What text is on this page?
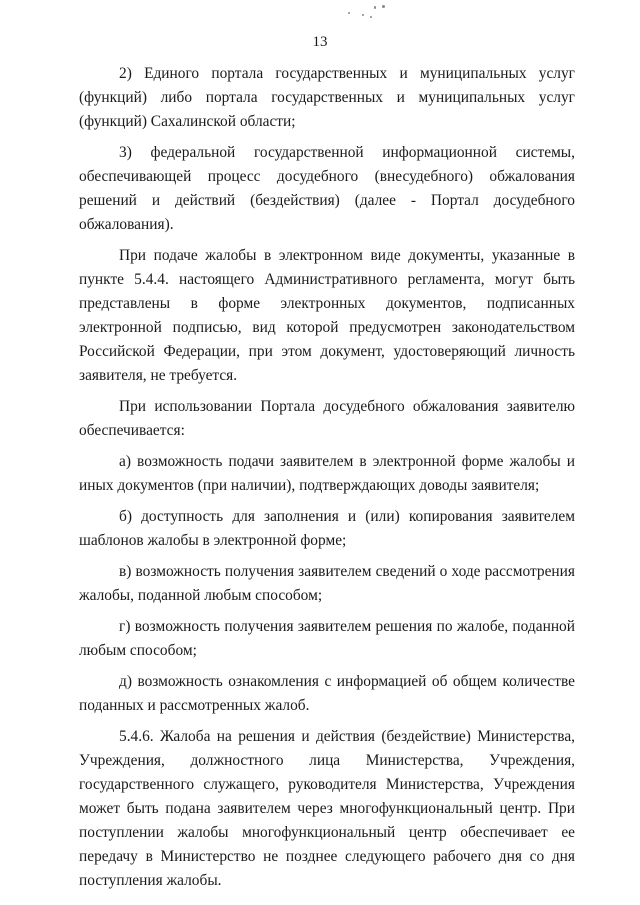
13

2) Единого портала государственных и муниципальных услуг (функций) либо портала государственных и муниципальных услуг (функций) Сахалинской области;

3) федеральной государственной информационной системы, обеспечивающей процесс досудебного (внесудебного) обжалования решений и действий (бездействия) (далее - Портал досудебного обжалования).

При подаче жалобы в электронном виде документы, указанные в пункте 5.4.4. настоящего Административного регламента, могут быть представлены в форме электронных документов, подписанных электронной подписью, вид которой предусмотрен законодательством Российской Федерации, при этом документ, удостоверяющий личность заявителя, не требуется.

При использовании Портала досудебного обжалования заявителю обеспечивается:

а) возможность подачи заявителем в электронной форме жалобы и иных документов (при наличии), подтверждающих доводы заявителя;

б) доступность для заполнения и (или) копирования заявителем шаблонов жалобы в электронной форме;

в) возможность получения заявителем сведений о ходе рассмотрения жалобы, поданной любым способом;

г) возможность получения заявителем решения по жалобе, поданной любым способом;

д) возможность ознакомления с информацией об общем количестве поданных и рассмотренных жалоб.

5.4.6. Жалоба на решения и действия (бездействие) Министерства, Учреждения, должностного лица Министерства, Учреждения, государственного служащего, руководителя Министерства, Учреждения может быть подана заявителем через многофункциональный центр. При поступлении жалобы многофункциональный центр обеспечивает ее передачу в Министерство не позднее следующего рабочего дня со дня поступления жалобы.
